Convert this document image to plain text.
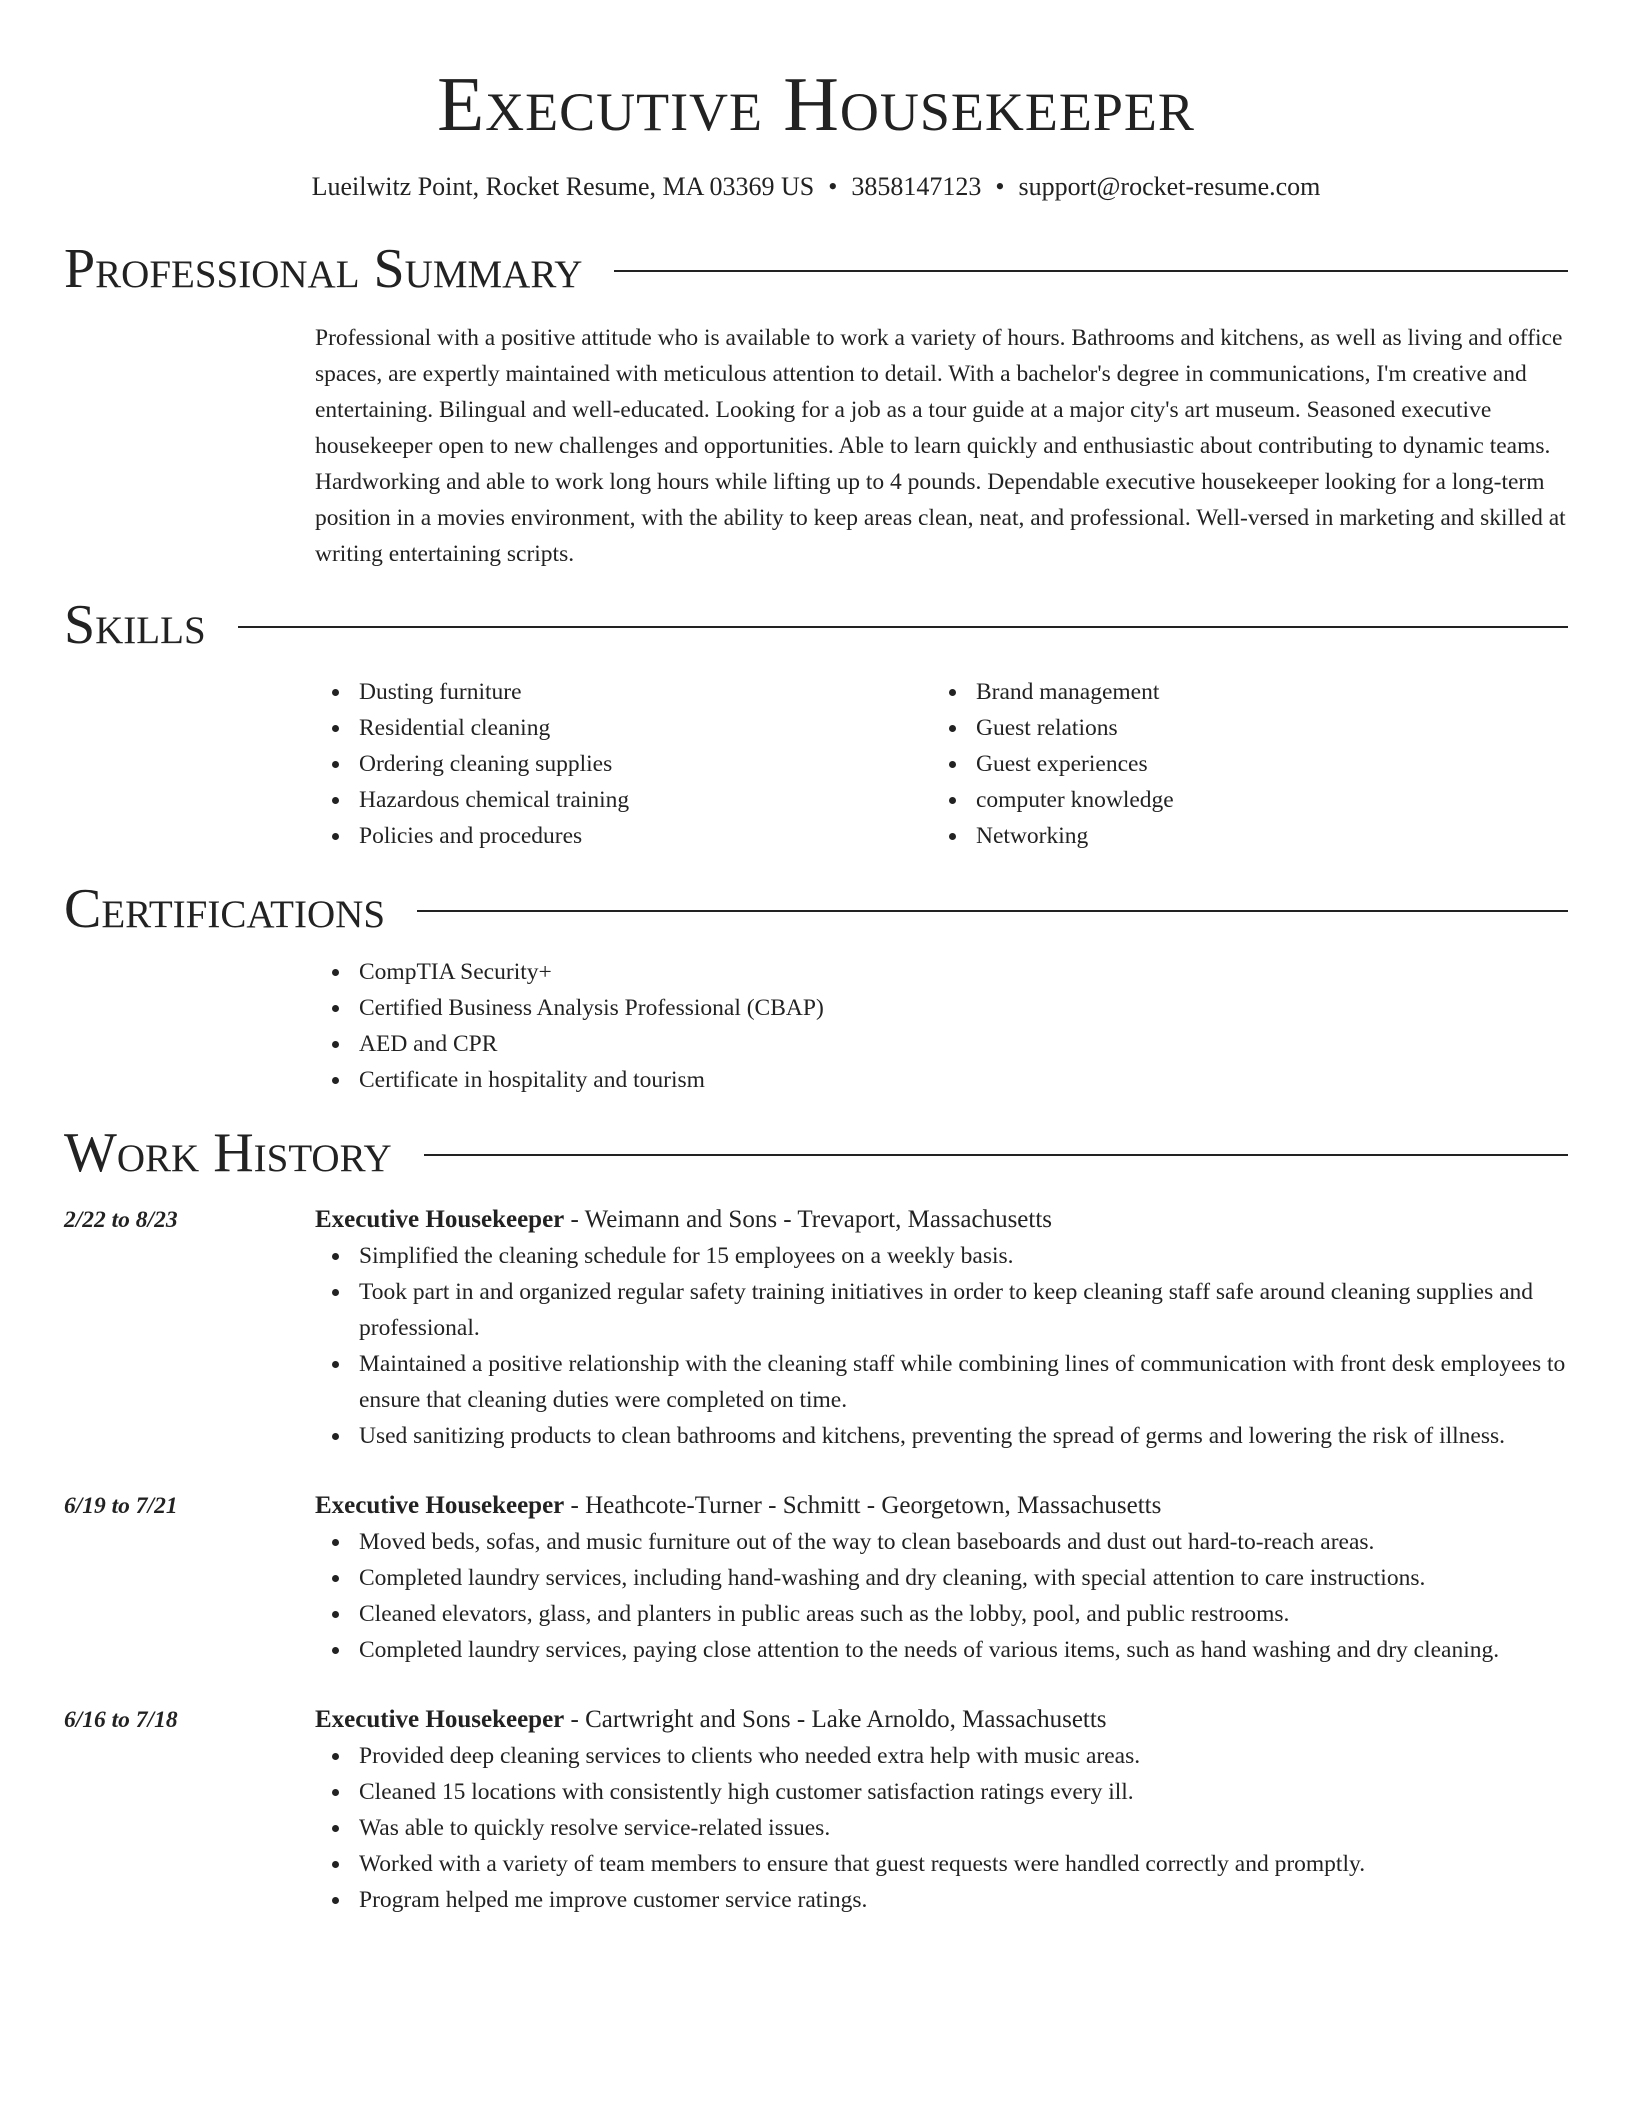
Executive Housekeeper
Lueilwitz Point, Rocket Resume, MA 03369 US • 3858147123 • support@rocket-resume.com
Professional Summary
Professional with a positive attitude who is available to work a variety of hours. Bathrooms and kitchens, as well as living and office spaces, are expertly maintained with meticulous attention to detail. With a bachelor's degree in communications, I'm creative and entertaining. Bilingual and well-educated. Looking for a job as a tour guide at a major city's art museum. Seasoned executive housekeeper open to new challenges and opportunities. Able to learn quickly and enthusiastic about contributing to dynamic teams. Hardworking and able to work long hours while lifting up to 4 pounds. Dependable executive housekeeper looking for a long-term position in a movies environment, with the ability to keep areas clean, neat, and professional. Well-versed in marketing and skilled at writing entertaining scripts.
Skills
Dusting furniture
Residential cleaning
Ordering cleaning supplies
Hazardous chemical training
Policies and procedures
Brand management
Guest relations
Guest experiences
computer knowledge
Networking
Certifications
CompTIA Security+
Certified Business Analysis Professional (CBAP)
AED and CPR
Certificate in hospitality and tourism
Work History
2/22 to 8/23	Executive Housekeeper - Weimann and Sons - Trevaport, Massachusetts
Simplified the cleaning schedule for 15 employees on a weekly basis.
Took part in and organized regular safety training initiatives in order to keep cleaning staff safe around cleaning supplies and professional.
Maintained a positive relationship with the cleaning staff while combining lines of communication with front desk employees to ensure that cleaning duties were completed on time.
Used sanitizing products to clean bathrooms and kitchens, preventing the spread of germs and lowering the risk of illness.
6/19 to 7/21	Executive Housekeeper - Heathcote-Turner - Schmitt - Georgetown, Massachusetts
Moved beds, sofas, and music furniture out of the way to clean baseboards and dust out hard-to-reach areas.
Completed laundry services, including hand-washing and dry cleaning, with special attention to care instructions.
Cleaned elevators, glass, and planters in public areas such as the lobby, pool, and public restrooms.
Completed laundry services, paying close attention to the needs of various items, such as hand washing and dry cleaning.
6/16 to 7/18	Executive Housekeeper - Cartwright and Sons - Lake Arnoldo, Massachusetts
Provided deep cleaning services to clients who needed extra help with music areas.
Cleaned 15 locations with consistently high customer satisfaction ratings every ill.
Was able to quickly resolve service-related issues.
Worked with a variety of team members to ensure that guest requests were handled correctly and promptly.
Program helped me improve customer service ratings.
